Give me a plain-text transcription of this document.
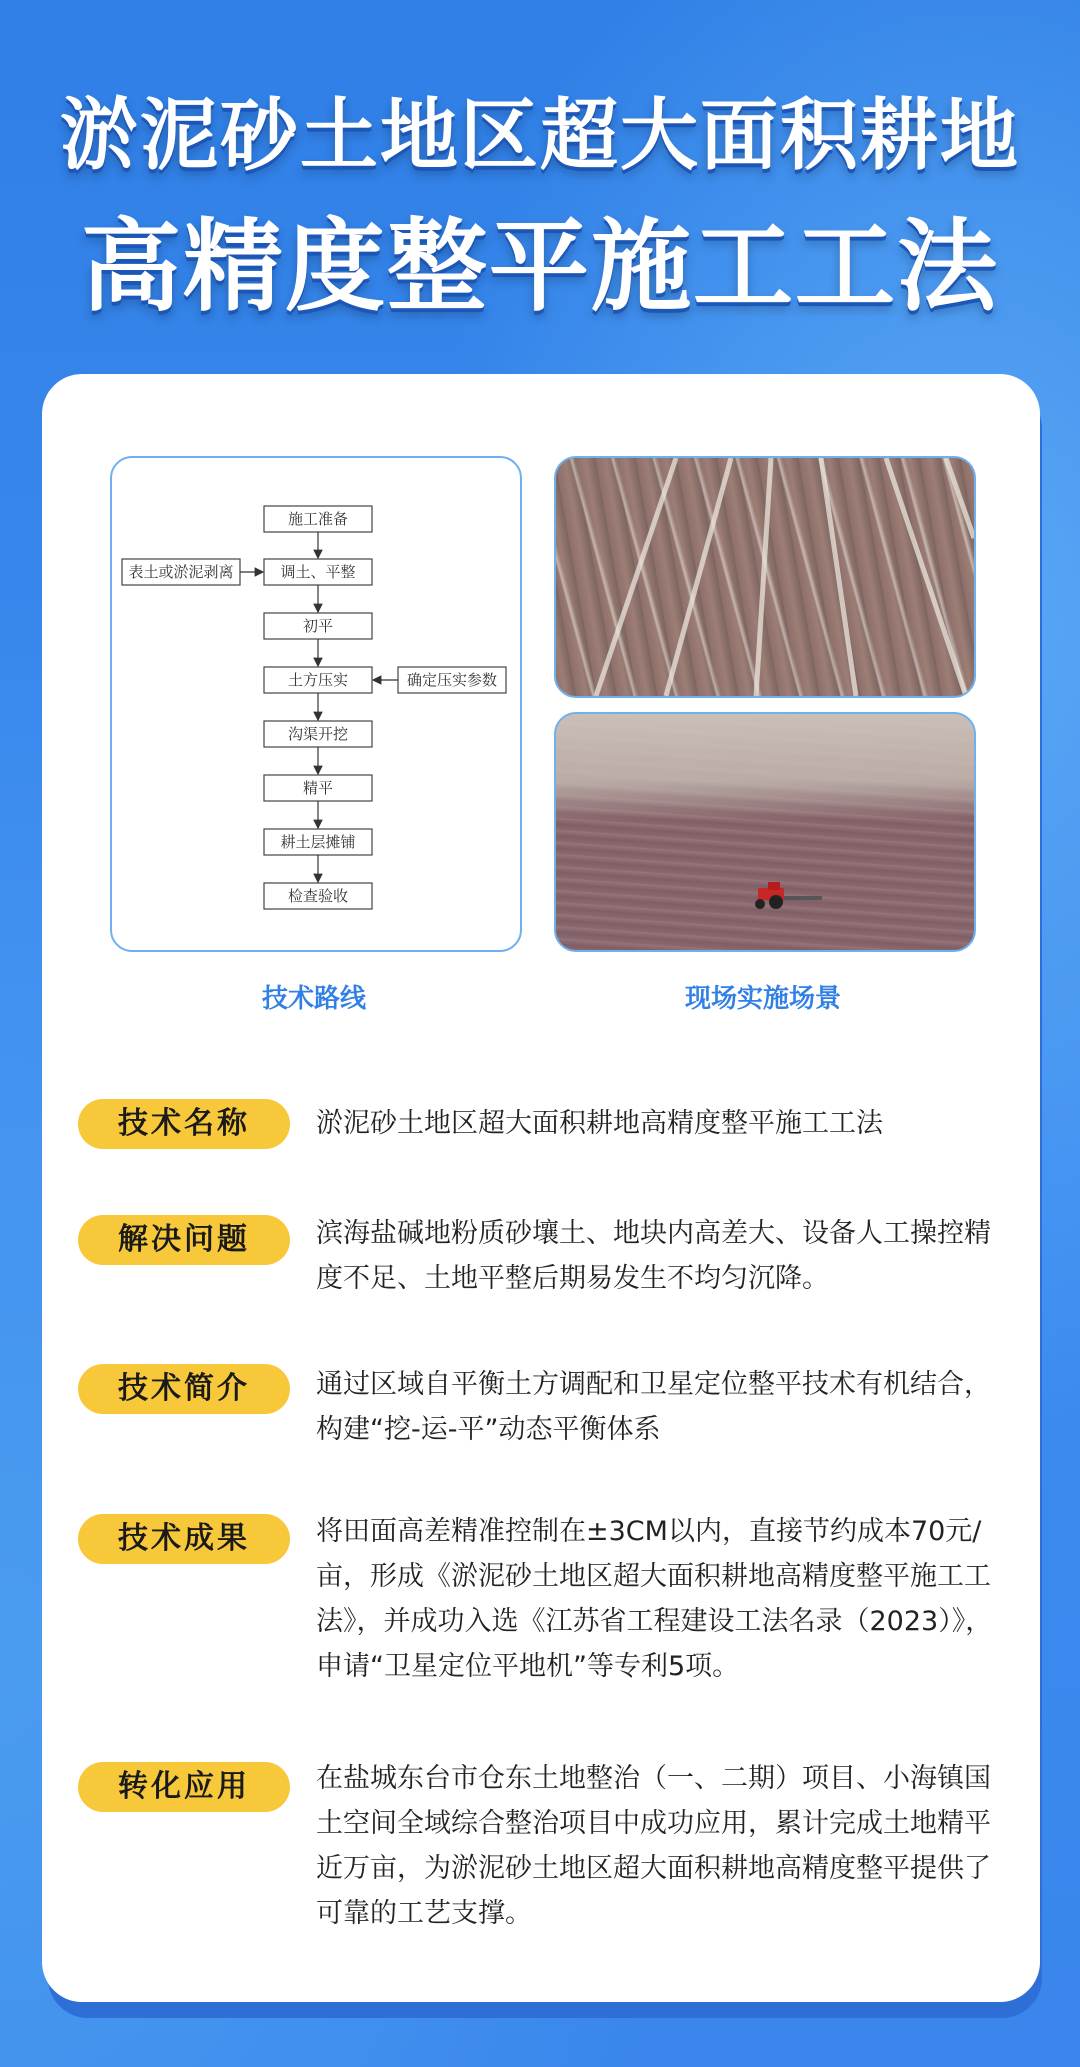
淤泥砂土地区超大面积耕地
高精度整平施工工法
施工准备
调土、平整
初平
土方压实
沟渠开挖
精平
耕土层摊铺
检查验收
表土或淤泥剥离
确定压实参数
技术路线	现场实施场景
技术名称	淤泥砂土地区超大面积耕地高精度整平施工工法
解决问题	滨海盐碱地粉质砂壤土、地块内高差大、设备人工操控精度不足、土地平整后期易发生不均匀沉降。
技术简介	通过区域自平衡土方调配和卫星定位整平技术有机结合，构建“挖-运-平”动态平衡体系
技术成果	将田面高差精准控制在±3CM以内，直接节约成本70元/亩，形成《淤泥砂土地区超大面积耕地高精度整平施工工法》，并成功入选《江苏省工程建设工法名录（2023）》，申请“卫星定位平地机”等专利5项。
转化应用	在盐城东台市仓东土地整治（一、二期）项目、小海镇国土空间全域综合整治项目中成功应用，累计完成土地精平近万亩，为淤泥砂土地区超大面积耕地高精度整平提供了可靠的工艺支撑。
